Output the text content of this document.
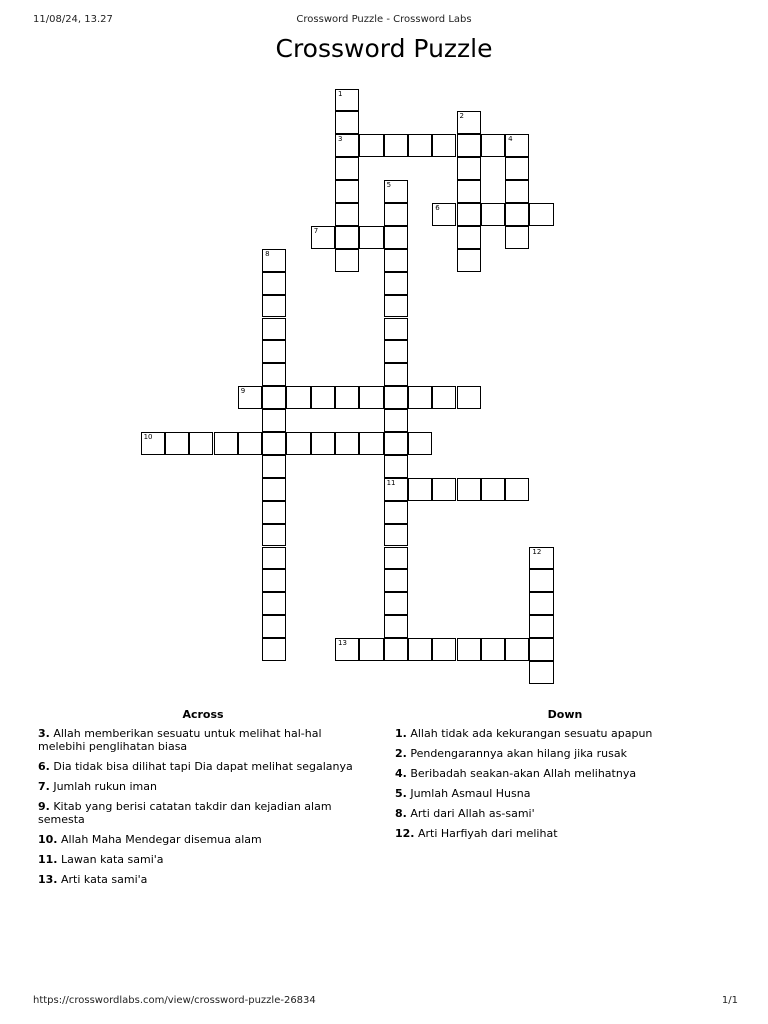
11/08/24, 13.27	Crossword Puzzle - Crossword Labs
Crossword Puzzle
1
3
2
4
5
11
6
7
8
9
10
12
13
Across
3. Allah memberikan sesuatu untuk melihat hal-hal melebihi penglihatan biasa
6. Dia tidak bisa dilihat tapi Dia dapat melihat segalanya
7. Jumlah rukun iman
9. Kitab yang berisi catatan takdir dan kejadian alam semesta
10. Allah Maha Mendegar disemua alam
11. Lawan kata sami'a
13. Arti kata sami'a
Down
1. Allah tidak ada kekurangan sesuatu apapun
2. Pendengarannya akan hilang jika rusak
4. Beribadah seakan-akan Allah melihatnya
5. Jumlah Asmaul Husna
8. Arti dari Allah as-sami'
12. Arti Harfiyah dari melihat
https://crosswordlabs.com/view/crossword-puzzle-26834	1/1
